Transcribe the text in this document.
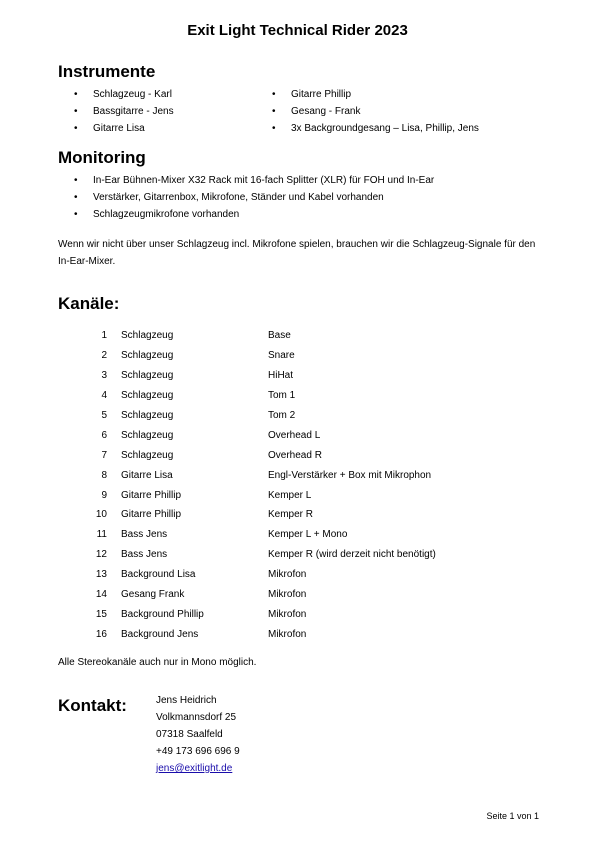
Exit Light Technical Rider 2023
Instrumente
• Schlagzeug - Karl
• Bassgitarre - Jens
• Gitarre Lisa
• Gitarre Phillip
• Gesang - Frank
• 3x Backgroundgesang – Lisa, Phillip, Jens
Monitoring
• In-Ear Bühnen-Mixer X32 Rack mit 16-fach Splitter (XLR) für FOH und In-Ear
• Verstärker, Gitarrenbox, Mikrofone, Ständer und Kabel vorhanden
• Schlagzeugmikrofone vorhanden
Wenn wir nicht über unser Schlagzeug incl. Mikrofone spielen, brauchen wir die Schlagzeug-Signale für den In-Ear-Mixer.
Kanäle:
1	Schlagzeug	Base
2	Schlagzeug	Snare
3	Schlagzeug	HiHat
4	Schlagzeug	Tom 1
5	Schlagzeug	Tom 2
6	Schlagzeug	Overhead L
7	Schlagzeug	Overhead R
8	Gitarre Lisa	Engl-Verstärker + Box mit Mikrophon
9	Gitarre Phillip	Kemper L
10	Gitarre Phillip	Kemper R
11	Bass Jens	Kemper L + Mono
12	Bass Jens	Kemper R (wird derzeit nicht benötigt)
13	Background Lisa	Mikrofon
14	Gesang Frank	Mikrofon
15	Background Phillip	Mikrofon
16	Background Jens	Mikrofon
Alle Stereokanäle auch nur in Mono möglich.
Kontakt:	Jens Heidrich
Volkmannsdorf 25
07318 Saalfeld
+49 173 696 696 9
jens@exitlight.de
Seite 1 von 1
